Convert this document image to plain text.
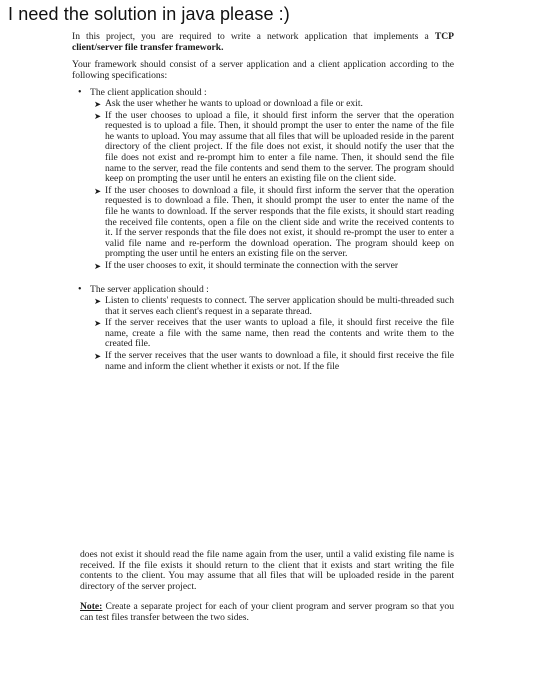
I need the solution in java please :)

In this project, you are required to write a network application that implements a TCP client/server file transfer framework.

Your framework should consist of a server application and a client application according to the following specifications:

• The client application should :
➤ Ask the user whether he wants to upload or download a file or exit.
➤ If the user chooses to upload a file, it should first inform the server that the operation requested is to upload a file. Then, it should prompt the user to enter the name of the file he wants to upload. You may assume that all files that will be uploaded reside in the parent directory of the client project. If the file does not exist, it should notify the user that the file does not exist and re-prompt him to enter a file name. Then, it should send the file name to the server, read the file contents and send them to the server. The program should keep on prompting the user until he enters an existing file on the client side.
➤ If the user chooses to download a file, it should first inform the server that the operation requested is to download a file. Then, it should prompt the user to enter the name of the file he wants to download. If the server responds that the file exists, it should start reading the received file contents, open a file on the client side and write the received contents to it. If the server responds that the file does not exist, it should re-prompt the user to enter a valid file name and re-perform the download operation. The program should keep on prompting the user until he enters an existing file on the server.
➤ If the user chooses to exit, it should terminate the connection with the server
• The server application should :
➤ Listen to clients' requests to connect. The server application should be multi-threaded such that it serves each client's request in a separate thread.
➤ If the server receives that the user wants to upload a file, it should first receive the file name, create a file with the same name, then read the contents and write them to the created file.
➤ If the server receives that the user wants to download a file, it should first receive the file name and inform the client whether it exists or not. If the file

does not exist it should read the file name again from the user, until a valid existing file name is received. If the file exists it should return to the client that it exists and start writing the file contents to the client. You may assume that all files that will be uploaded reside in the parent directory of the server project.

Note: Create a separate project for each of your client program and server program so that you can test files transfer between the two sides.
